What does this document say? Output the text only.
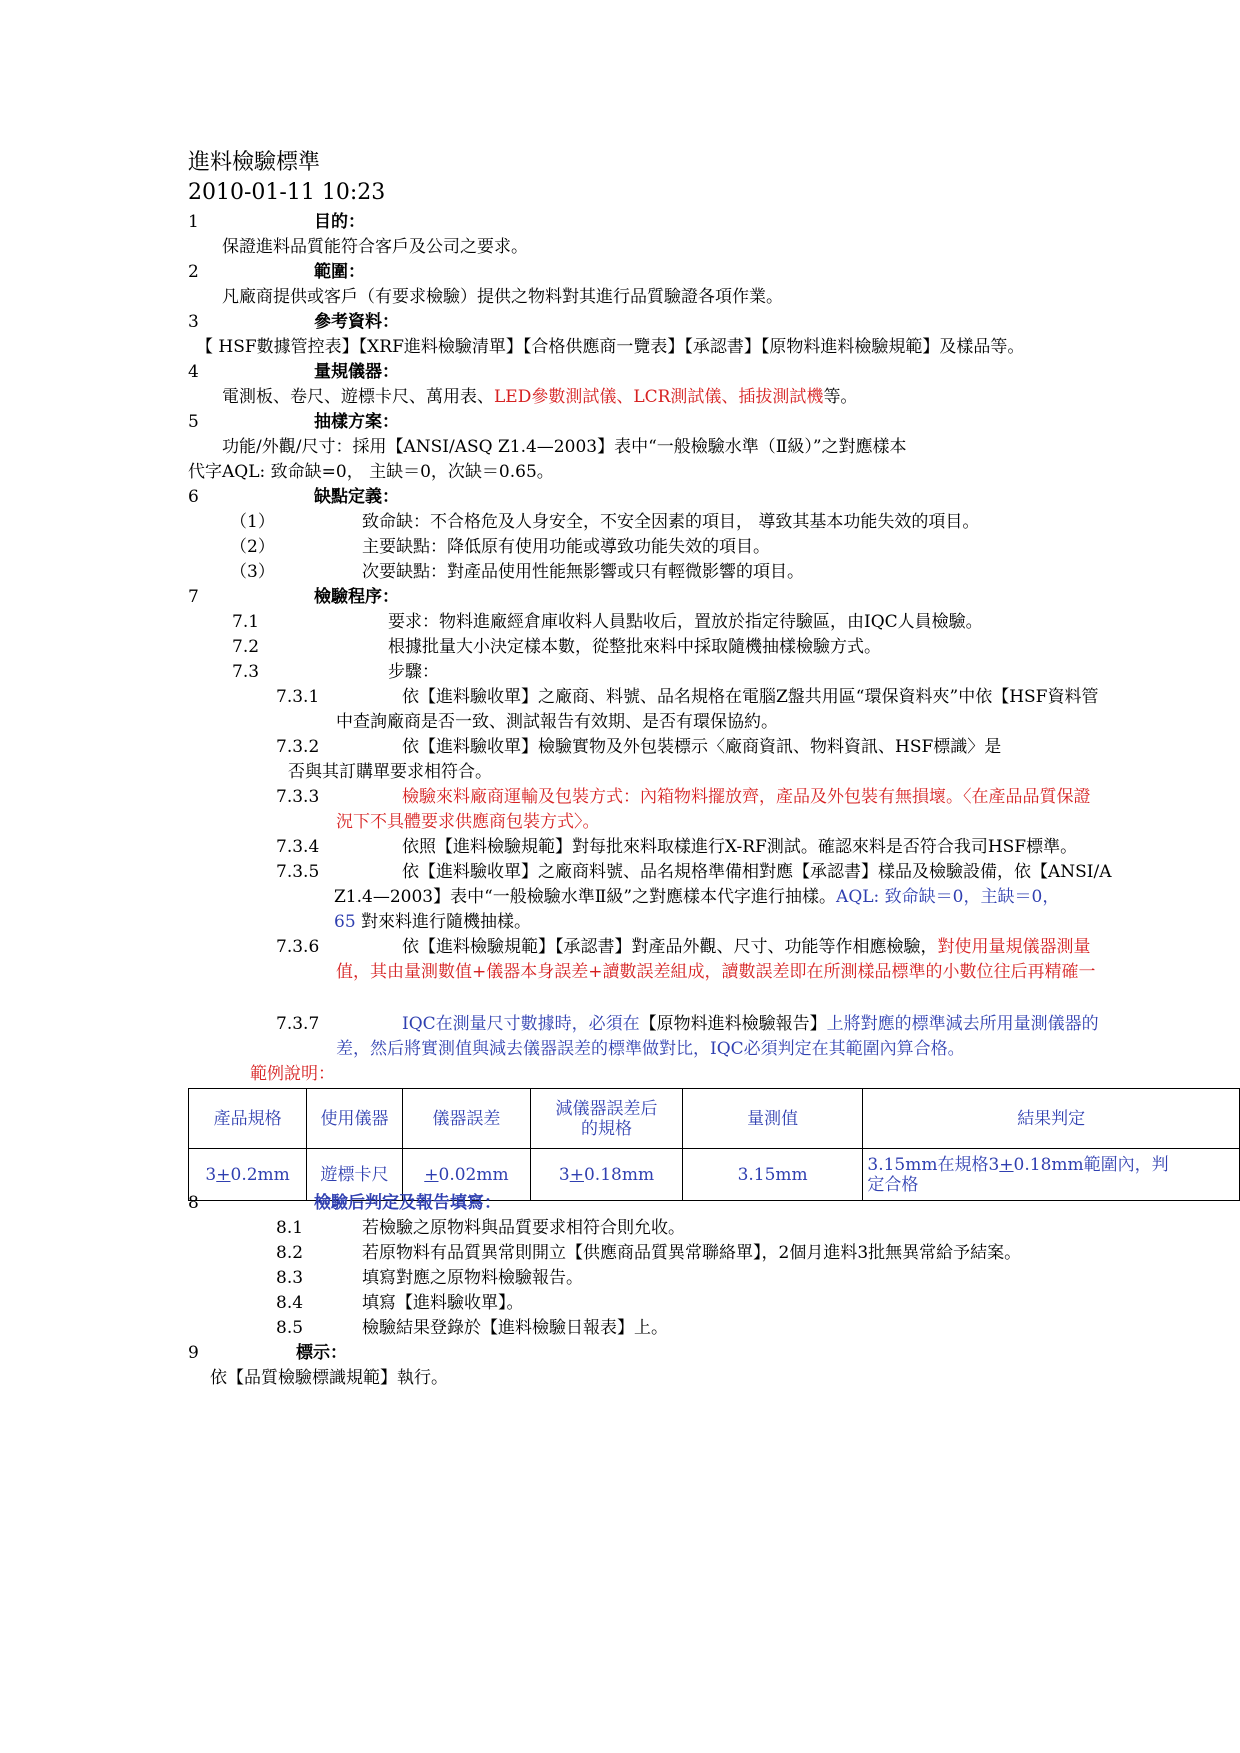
進料檢驗標準
2010-01-11 10:23
1	目的：
保證進料品質能符合客戶及公司之要求。
2	範圍：
凡廠商提供或客戶（有要求檢驗）提供之物料對其進行品質驗證各項作業。
3	參考資料：
【 HSF數據管控表】【XRF進料檢驗清單】【合格供應商一覽表】【承認書】【原物料進料檢驗規範】及樣品等。
4	量規儀器：
電測板、卷尺、遊標卡尺、萬用表、LED參數測試儀、LCR測試儀、插拔測試機等。
5	抽樣方案：
功能/外觀/尺寸：採用【ANSI/ASQ Z1.4—2003】表中“一般檢驗水準（Ⅱ級）”之對應樣本
代字AQL: 致命缺=0， 主缺＝0，次缺＝0.65。
6	缺點定義：
（1）	致命缺：不合格危及人身安全，不安全因素的項目， 導致其基本功能失效的項目。
（2）	主要缺點：降低原有使用功能或導致功能失效的項目。
（3）	次要缺點：對產品使用性能無影響或只有輕微影響的項目。
7	檢驗程序：
7.1	要求：物料進廠經倉庫收料人員點收后，置放於指定待驗區，由IQC人員檢驗。
7.2	根據批量大小決定樣本數，從整批來料中採取隨機抽樣檢驗方式。
7.3	步驟：
7.3.1	依【進料驗收單】之廠商、料號、品名規格在電腦Z盤共用區“環保資料夾”中依【HSF資料管
中查詢廠商是否一致、測試報告有效期、是否有環保協約。
7.3.2	依【進料驗收單】檢驗實物及外包裝標示〈廠商資訊、物料資訊、HSF標識〉是
否與其訂購單要求相符合。
7.3.3	檢驗來料廠商運輸及包裝方式：內箱物料擺放齊，產品及外包裝有無損壞。〈在產品品質保證
況下不具體要求供應商包裝方式〉。
7.3.4	依照【進料檢驗規範】對每批來料取樣進行X-RF測試。確認來料是否符合我司HSF標準。
7.3.5	依【進料驗收單】之廠商料號、品名規格準備相對應【承認書】樣品及檢驗設備，依【ANSI/A
Z1.4—2003】表中“一般檢驗水準Ⅱ級”之對應樣本代字進行抽樣。AQL: 致命缺＝0，主缺＝0，
65 對來料進行隨機抽樣。
7.3.6	依【進料檢驗規範】【承認書】對產品外觀、尺寸、功能等作相應檢驗，對使用量規儀器測量
值，其由量測數值+儀器本身誤差+讀數誤差組成，讀數誤差即在所測樣品標準的小數位往后再精確一
7.3.7	IQC在測量尺寸數據時，必須在【原物料進料檢驗報告】上將對應的標準減去所用量測儀器的
差，然后將實測值與減去儀器誤差的標準做對比，IQC必須判定在其範圍內算合格。
範例說明：
產品規格	使用儀器	儀器誤差	減儀器誤差后
的規格	量測值	結果判定
3+0.2mm	遊標卡尺	+0.02mm	3+0.18mm	3.15mm	3.15mm在規格3+0.18mm範圍內，判
定合格
8	檢驗后判定及報告填寫：
8.1	若檢驗之原物料與品質要求相符合則允收。
8.2	若原物料有品質異常則開立【供應商品質異常聯絡單】，2個月進料3批無異常給予結案。
8.3	填寫對應之原物料檢驗報告。
8.4	填寫【進料驗收單】。
8.5	檢驗結果登錄於【進料檢驗日報表】上。
9	標示：
依【品質檢驗標識規範】執行。
